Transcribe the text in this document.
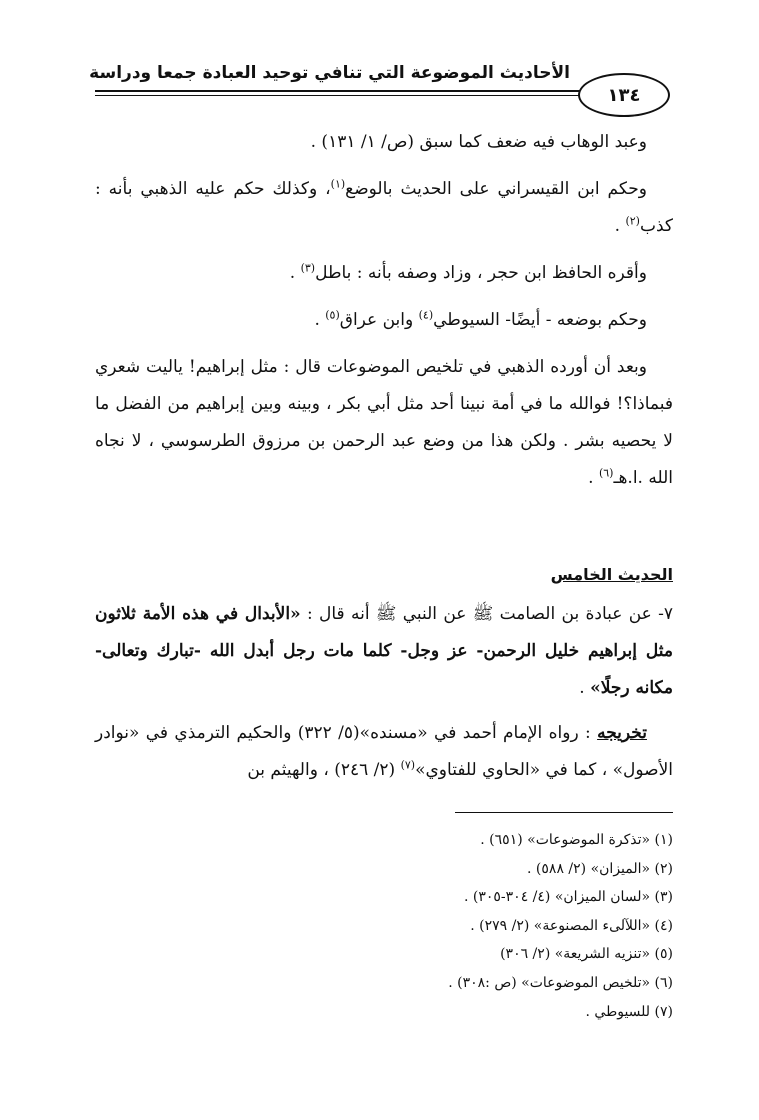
الأحاديث الموضوعة التي تنافي توحيد العبادة جمعا ودراسة
١٣٤

وعبد الوهاب فيه ضعف كما سبق (ص/ ١/ ١٣١) .

وحكم ابن القيسراني على الحديث بالوضع$^{(١)}$، وكذلك حكم عليه الذهبي بأنه : كذب$^{(٢)}$ .

وأقره الحافظ ابن حجر ، وزاد وصفه بأنه : باطل$^{(٣)}$ .

وحكم بوضعه - أيضًا- السيوطي$^{(٤)}$ وابن عراق$^{(٥)}$ .

وبعد أن أورده الذهبي في تلخيص الموضوعات قال : مثل إبراهيم! ياليت شعري فبماذا؟! فوالله ما في أمة نبينا أحد مثل أبي بكر ، وبينه وبين إبراهيم من الفضل ما لا يحصيه بشر . ولكن هذا من وضع عبد الرحمن بن مرزوق الطرسوسي ، لا نجاه الله .ا.هـ$^{(٦)}$ .

الحديث الخامس

٧- عن عبادة بن الصامت ﷺ عن النبي ﷺ أنه قال : «الأبدال في هذه الأمة ثلاثون مثل إبراهيم خليل الرحمن- عز وجل- كلما مات رجل أبدل الله -تبارك وتعالى- مكانه رجلًا» .

تخريجه : رواه الإمام أحمد في «مسنده»(٥/ ٣٢٢) والحكيم الترمذي في «نوادر الأصول» ، كما في «الحاوي للفتاوي»$^{(٧)}$ (٢/ ٢٤٦) ، والهيثم بن

(١) «تذكرة الموضوعات» (٦٥١) .
(٢) «الميزان» (٢/ ٥٨٨) .
(٣) «لسان الميزان» (٤/ ٣٠٤-٣٠٥) .
(٤) «اللآلىء المصنوعة» (٢/ ٢٧٩) .
(٥) «تنزيه الشريعة» (٢/ ٣٠٦)
(٦) «تلخيص الموضوعات» (ص :٣٠٨) .
(٧) للسيوطي .
